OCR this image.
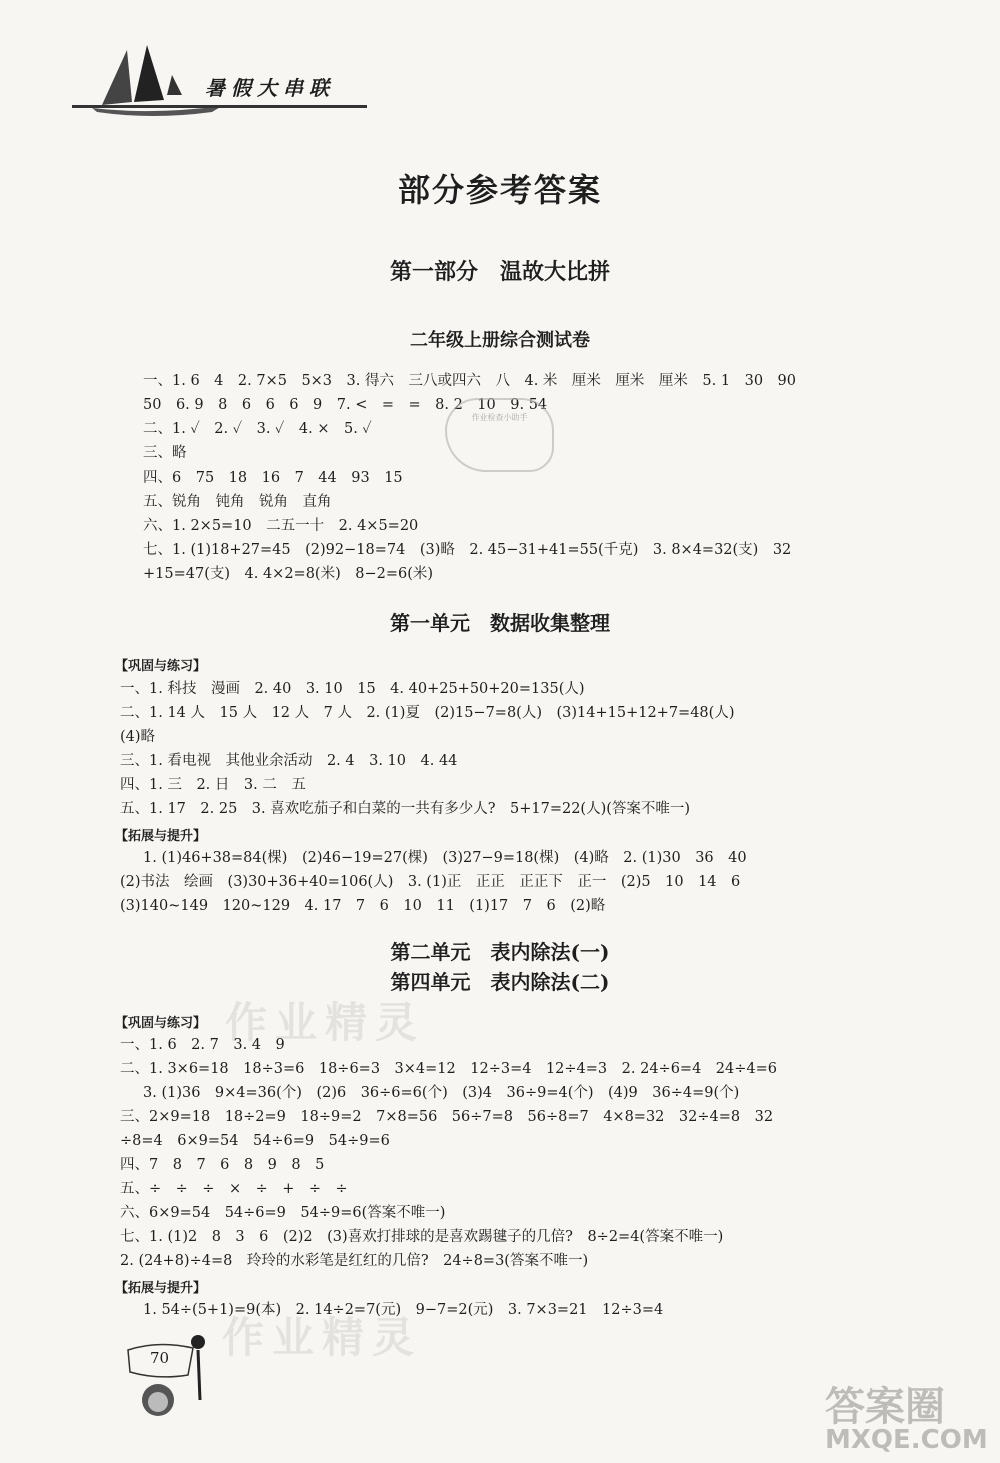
暑假大串联
作业精灵
作业精灵
部分参考答案
第一部分　温故大比拼
二年级上册综合测试卷
一、1. 6　4　2. 7×5　5×3　3. 得六　三八或四六　八　4. 米　厘米　厘米　厘米　5. 1　30　90
50　6. 9　8　6　6　6　9　7. <　=　=　8. 2　10　9. 54
二、1. ✓　2. ✓　3. ✓　4. ×　5. ✓
三、略
四、6　75　18　16　7　44　93　15
五、锐角　钝角　锐角　直角
六、1. 2×5=10　二五一十　2. 4×5=20
七、1. (1)18+27=45　(2)92−18=74　(3)略　2. 45−31+41=55(千克)　3. 8×4=32(支)　32
+15=47(支)　4. 4×2=8(米)　8−2=6(米)
作业检查小助手
第一单元　数据收集整理
【巩固与练习】
一、1. 科技　漫画　2. 40　3. 10　15　4. 40+25+50+20=135(人)
二、1. 14 人　15 人　12 人　7 人　2. (1)夏　(2)15−7=8(人)　(3)14+15+12+7=48(人)
(4)略
三、1. 看电视　其他业余活动　2. 4　3. 10　4. 44
四、1. 三　2. 日　3. 二　五
五、1. 17　2. 25　3. 喜欢吃茄子和白菜的一共有多少人?　5+17=22(人)(答案不唯一)
【拓展与提升】
1. (1)46+38=84(棵)　(2)46−19=27(棵)　(3)27−9=18(棵)　(4)略　2. (1)30　36　40
(2)书法　绘画　(3)30+36+40=106(人)　3. (1)正　正正　正正下　正一　(2)5　10　14　6
(3)140~149　120~129　4. 17　7　6　10　11　(1)17　7　6　(2)略
第二单元　表内除法(一)
第四单元　表内除法(二)
【巩固与练习】
一、1. 6　2. 7　3. 4　9
二、1. 3×6=18　18÷3=6　18÷6=3　3×4=12　12÷3=4　12÷4=3　2. 24÷6=4　24÷4=6
3. (1)36　9×4=36(个)　(2)6　36÷6=6(个)　(3)4　36÷9=4(个)　(4)9　36÷4=9(个)
三、2×9=18　18÷2=9　18÷9=2　7×8=56　56÷7=8　56÷8=7　4×8=32　32÷4=8　32
÷8=4　6×9=54　54÷6=9　54÷9=6
四、7　8　7　6　8　9　8　5
五、÷　÷　÷　×　÷　+　÷　÷
六、6×9=54　54÷6=9　54÷9=6(答案不唯一)
七、1. (1)2　8　3　6　(2)2　(3)喜欢打排球的是喜欢踢毽子的几倍?　8÷2=4(答案不唯一)
2. (24+8)÷4=8　玲玲的水彩笔是红红的几倍?　24÷8=3(答案不唯一)
【拓展与提升】
1. 54÷(5+1)=9(本)　2. 14÷2=7(元)　9−7=2(元)　3. 7×3=21　12÷3=4
70
答案圈
MXQE.COM
